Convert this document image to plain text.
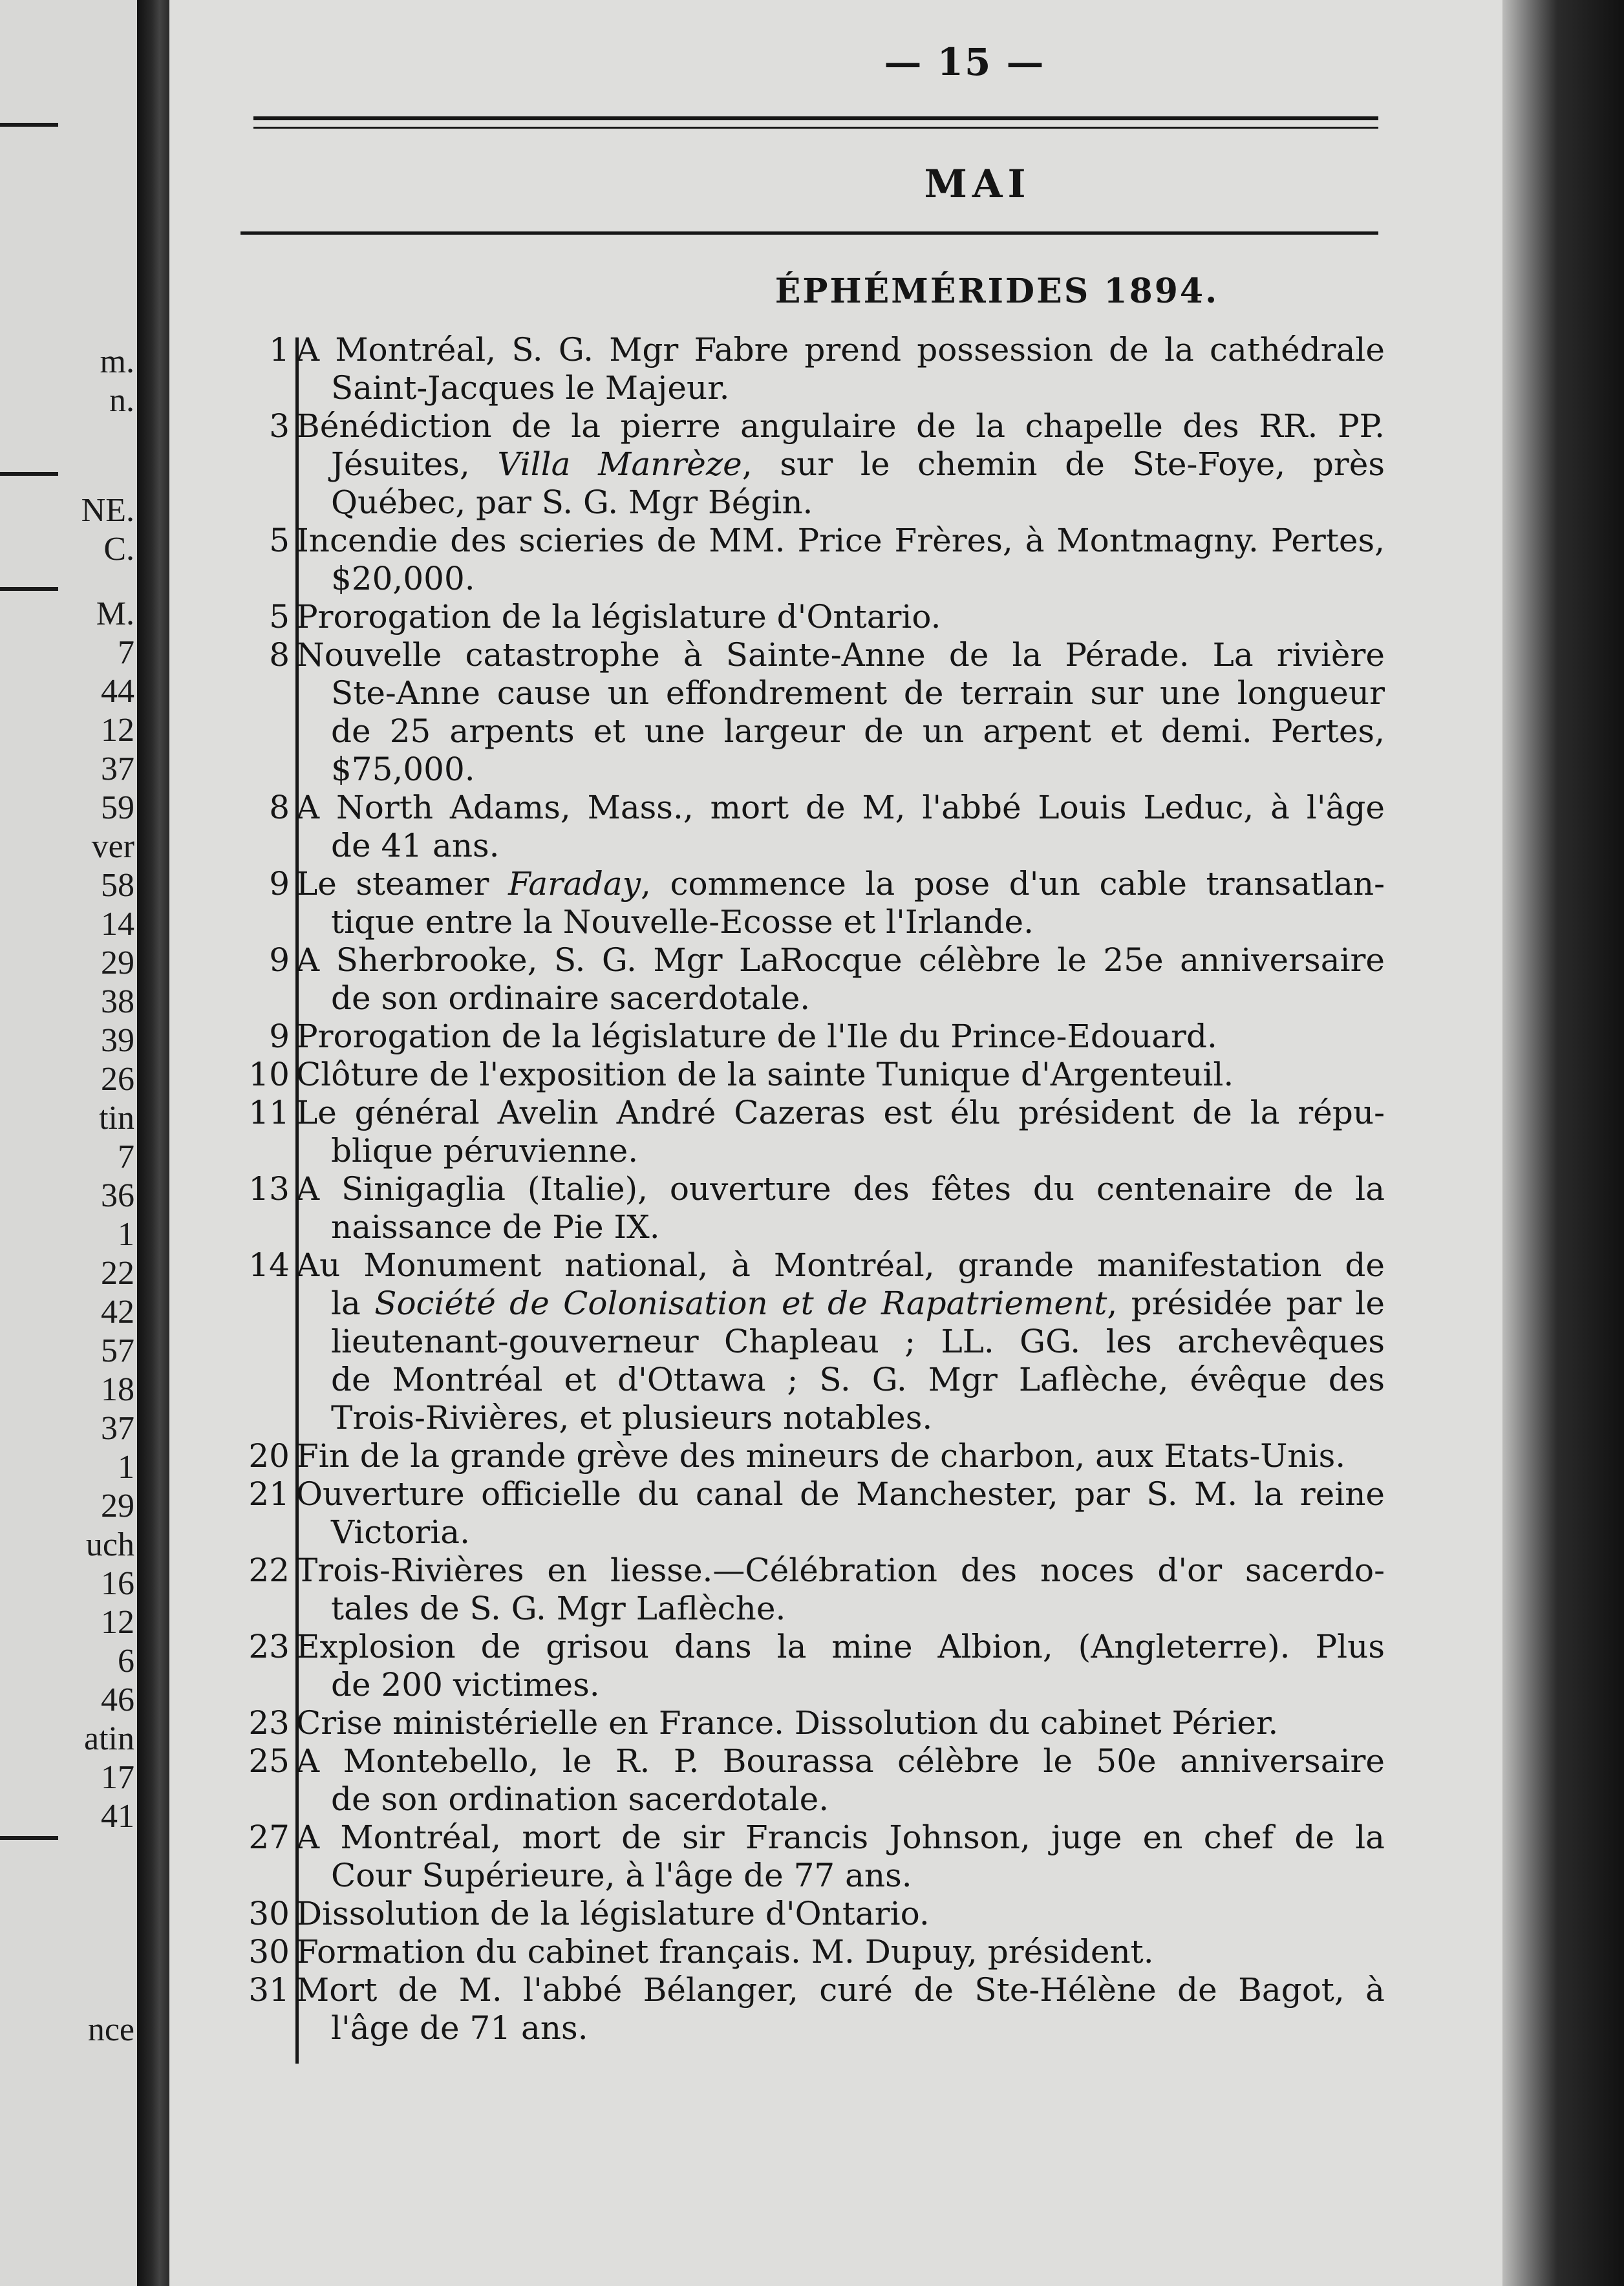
m.
n.
NE.
C.
M.
7
44
12
37
59
ver
58
14
29
38
39
26
tin
7
36
1
22
42
57
18
37
1
29
uch
16
12
6
46
atin
17
41
nce
— 15 —
MAI
ÉPHÉMÉRIDES 1894.
1 A Montréal, S. G. Mgr Fabre prend possession de la cathédrale
Saint-Jacques le Majeur.
3 Bénédiction de la pierre angulaire de la chapelle des RR. PP.
Jésuites, Villa Manrèze, sur le chemin de Ste-Foye, près
Québec, par S. G. Mgr Bégin.
5 Incendie des scieries de MM. Price Frères, à Montmagny. Pertes,
$20,000.
5 Prorogation de la législature d'Ontario.
8 Nouvelle catastrophe à Sainte-Anne de la Pérade. La rivière
Ste-Anne cause un effondrement de terrain sur une longueur
de 25 arpents et une largeur de un arpent et demi. Pertes,
$75,000.
8 A North Adams, Mass., mort de M, l'abbé Louis Leduc, à l'âge
de 41 ans.
9 Le steamer Faraday, commence la pose d'un cable transatlan-
tique entre la Nouvelle-Ecosse et l'Irlande.
9 A Sherbrooke, S. G. Mgr LaRocque célèbre le 25e anniversaire
de son ordinaire sacerdotale.
9 Prorogation de la législature de l'Ile du Prince-Edouard.
10 Clôture de l'exposition de la sainte Tunique d'Argenteuil.
11 Le général Avelin André Cazeras est élu président de la répu-
blique péruvienne.
13 A Sinigaglia (Italie), ouverture des fêtes du centenaire de la
naissance de Pie IX.
14 Au Monument national, à Montréal, grande manifestation de
la Société de Colonisation et de Rapatriement, présidée par le
lieutenant-gouverneur Chapleau ; LL. GG. les archevêques
de Montréal et d'Ottawa ; S. G. Mgr Laflèche, évêque des
Trois-Rivières, et plusieurs notables.
20 Fin de la grande grève des mineurs de charbon, aux Etats-Unis.
21 Ouverture officielle du canal de Manchester, par S. M. la reine
Victoria.
22 Trois-Rivières en liesse.—Célébration des noces d'or sacerdo-
tales de S. G. Mgr Laflèche.
23 Explosion de grisou dans la mine Albion, (Angleterre). Plus
de 200 victimes.
23 Crise ministérielle en France. Dissolution du cabinet Périer.
25 A Montebello, le R. P. Bourassa célèbre le 50e anniversaire
de son ordination sacerdotale.
27 A Montréal, mort de sir Francis Johnson, juge en chef de la
Cour Supérieure, à l'âge de 77 ans.
30 Dissolution de la législature d'Ontario.
30 Formation du cabinet français. M. Dupuy, président.
31 Mort de M. l'abbé Bélanger, curé de Ste-Hélène de Bagot, à
l'âge de 71 ans.
